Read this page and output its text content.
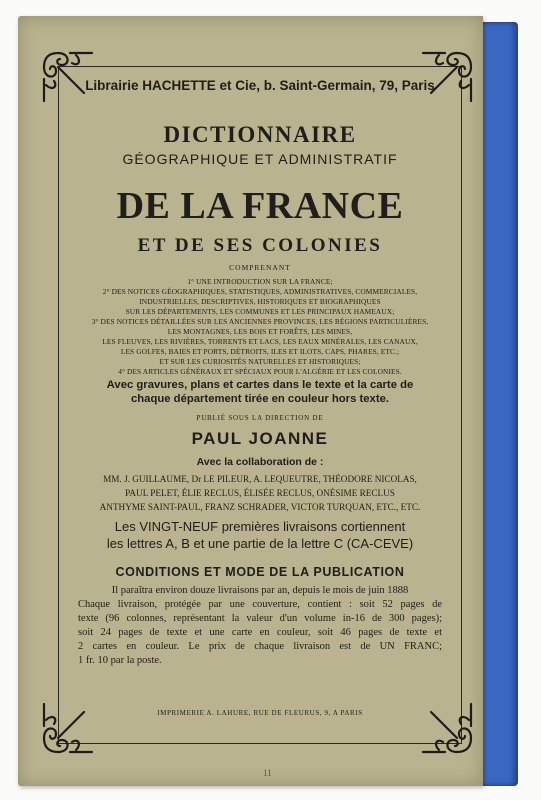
Librairie HACHETTE et Cie, b. Saint-Germain, 79, Paris
DICTIONNAIRE
GÉOGRAPHIQUE ET ADMINISTRATIF
DE LA FRANCE
ET DE SES COLONIES
COMPRENANT
1° UNE INTRODUCTION SUR LA FRANCE;
2° DES NOTICES GÉOGRAPHIQUES, STATISTIQUES, ADMINISTRATIVES, COMMERCIALES,
INDUSTRIELLES, DESCRIPTIVES, HISTORIQUES ET BIOGRAPHIQUES
SUR LES DÉPARTEMENTS, LES COMMUNES ET LES PRINCIPAUX HAMEAUX;
3° DES NOTICES DÉTAILLÉES SUR LES ANCIENNES PROVINCES, LES RÉGIONS PARTICULIÈRES,
LES MONTAGNES, LES BOIS ET FORÊTS, LES MINES,
LES FLEUVES, LES RIVIÈRES, TORRENTS ET LACS, LES EAUX MINÉRALES, LES CANAUX,
LES GOLFES, BAIES ET PORTS, DÉTROITS, ILES ET ILOTS, CAPS, PHARES, ETC.;
ET SUR LES CURIOSITÉS NATURELLES ET HISTORIQUES;
4° DES ARTICLES GÉNÉRAUX ET SPÉCIAUX POUR L'ALGÉRIE ET LES COLONIES.
Avec gravures, plans et cartes dans le texte et la carte de
chaque département tirée en couleur hors texte.
PUBLIÉ SOUS LA DIRECTION DE
PAUL JOANNE
Avec la collaboration de :
MM. J. GUILLAUME, Dr LE PILEUR, A. LEQUEUTRE, THÉODORE NICOLAS,
PAUL PELET, ÉLIE RECLUS, ÉLISÉE RECLUS, ONÉSIME RECLUS
ANTHYME SAINT-PAUL, FRANZ SCHRADER, VICTOR TURQUAN, ETC., ETC.
Les VINGT-NEUF premières livraisons cortiennent
les lettres A, B et une partie de la lettre C (CA-CEVE)
CONDITIONS ET MODE DE LA PUBLICATION
Il paraîtra environ douze livraisons par an, depuis le mois de juin 1888
Chaque livraison, protégée par une couverture, contient : soit 52 pages de
texte (96 colonnes, représentant la valeur d'un volume in-16 de 300 pages);
soit 24 pages de texte et une carte en couleur, soit 46 pages de texte et
2 cartes en couleur. Le prix de chaque livraison est de UN FRANC;
1 fr. 10 par la poste.
IMPRIMERIE A. LAHURE, RUE DE FLEURUS, 9, A PARIS
11
